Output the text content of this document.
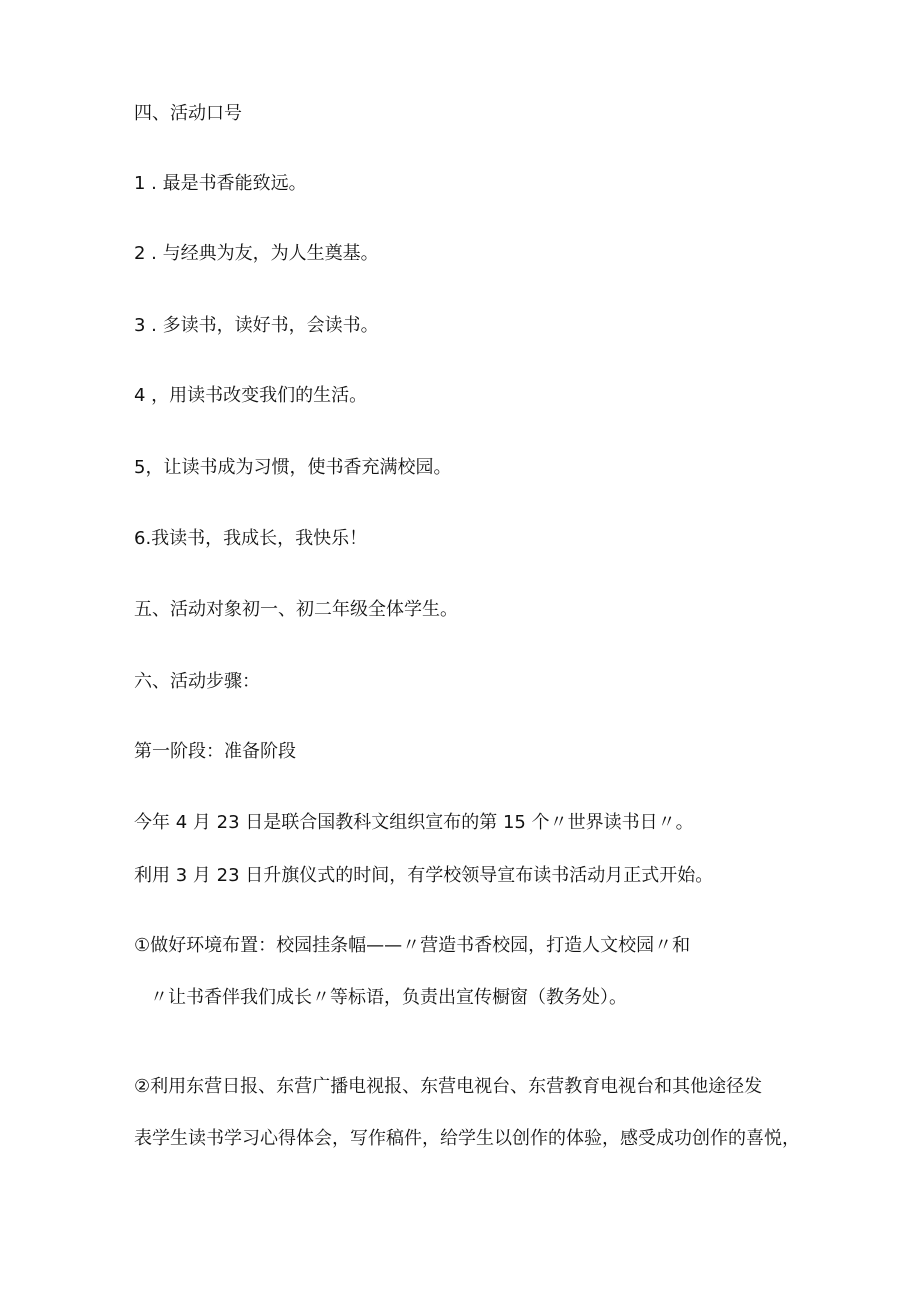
四、活动口号
1 . 最是书香能致远。
2 . 与经典为友，为人生奠基。
3 . 多读书，读好书，会读书。
4 ，用读书改变我们的生活。
5，让读书成为习惯，使书香充满校园。
6.我读书，我成长，我快乐！
五、活动对象初一、初二年级全体学生。
六、活动步骤：
第一阶段：准备阶段
今年 4 月 23 日是联合国教科文组织宣布的第 15 个〃世界读书日〃。
利用 3 月 23 日升旗仪式的时间，有学校领导宣布读书活动月正式开始。
①做好环境布置：校园挂条幅——〃营造书香校园，打造人文校园〃和
〃让书香伴我们成长〃等标语，负责出宣传橱窗（教务处）。
②利用东营日报、东营广播电视报、东营电视台、东营教育电视台和其他途径发
表学生读书学习心得体会，写作稿件，给学生以创作的体验，感受成功创作的喜悦，
